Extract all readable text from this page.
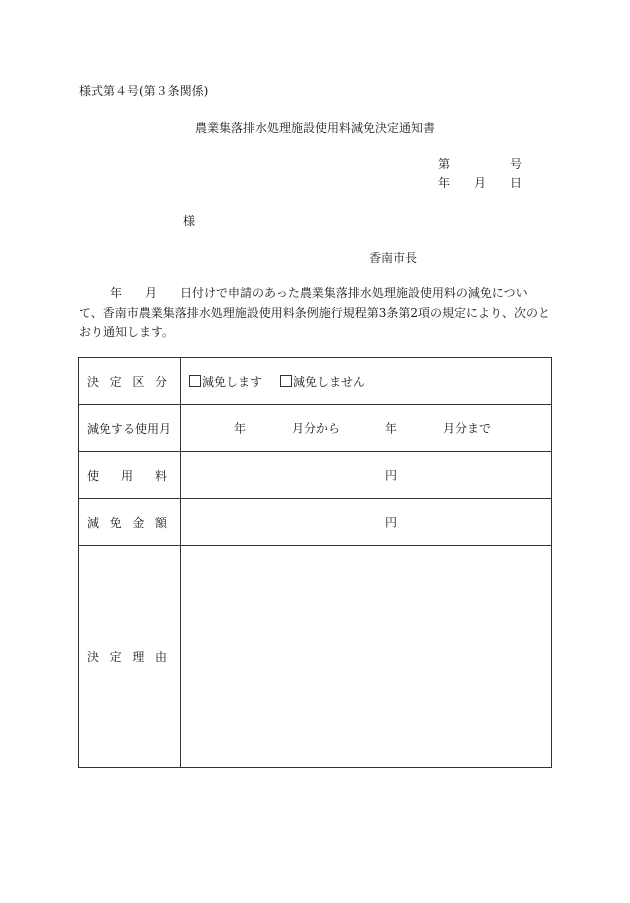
様式第４号(第３条関係)
農業集落排水処理施設使用料減免決定通知書
第	号
年 月 日
様
香南市長
年 月 日付けで申請のあった農業集落排水処理施設使用料の減免について、香南市農業集落排水処理施設使用料条例施行規程第3条第2項の規定により、次のとおり通知します。
決 定 区 分	減免します 減免しません
減免する使用月	年 月分から 年 月分まで

使 用 料	円

減 免 金 額	円

決 定 理 由	
